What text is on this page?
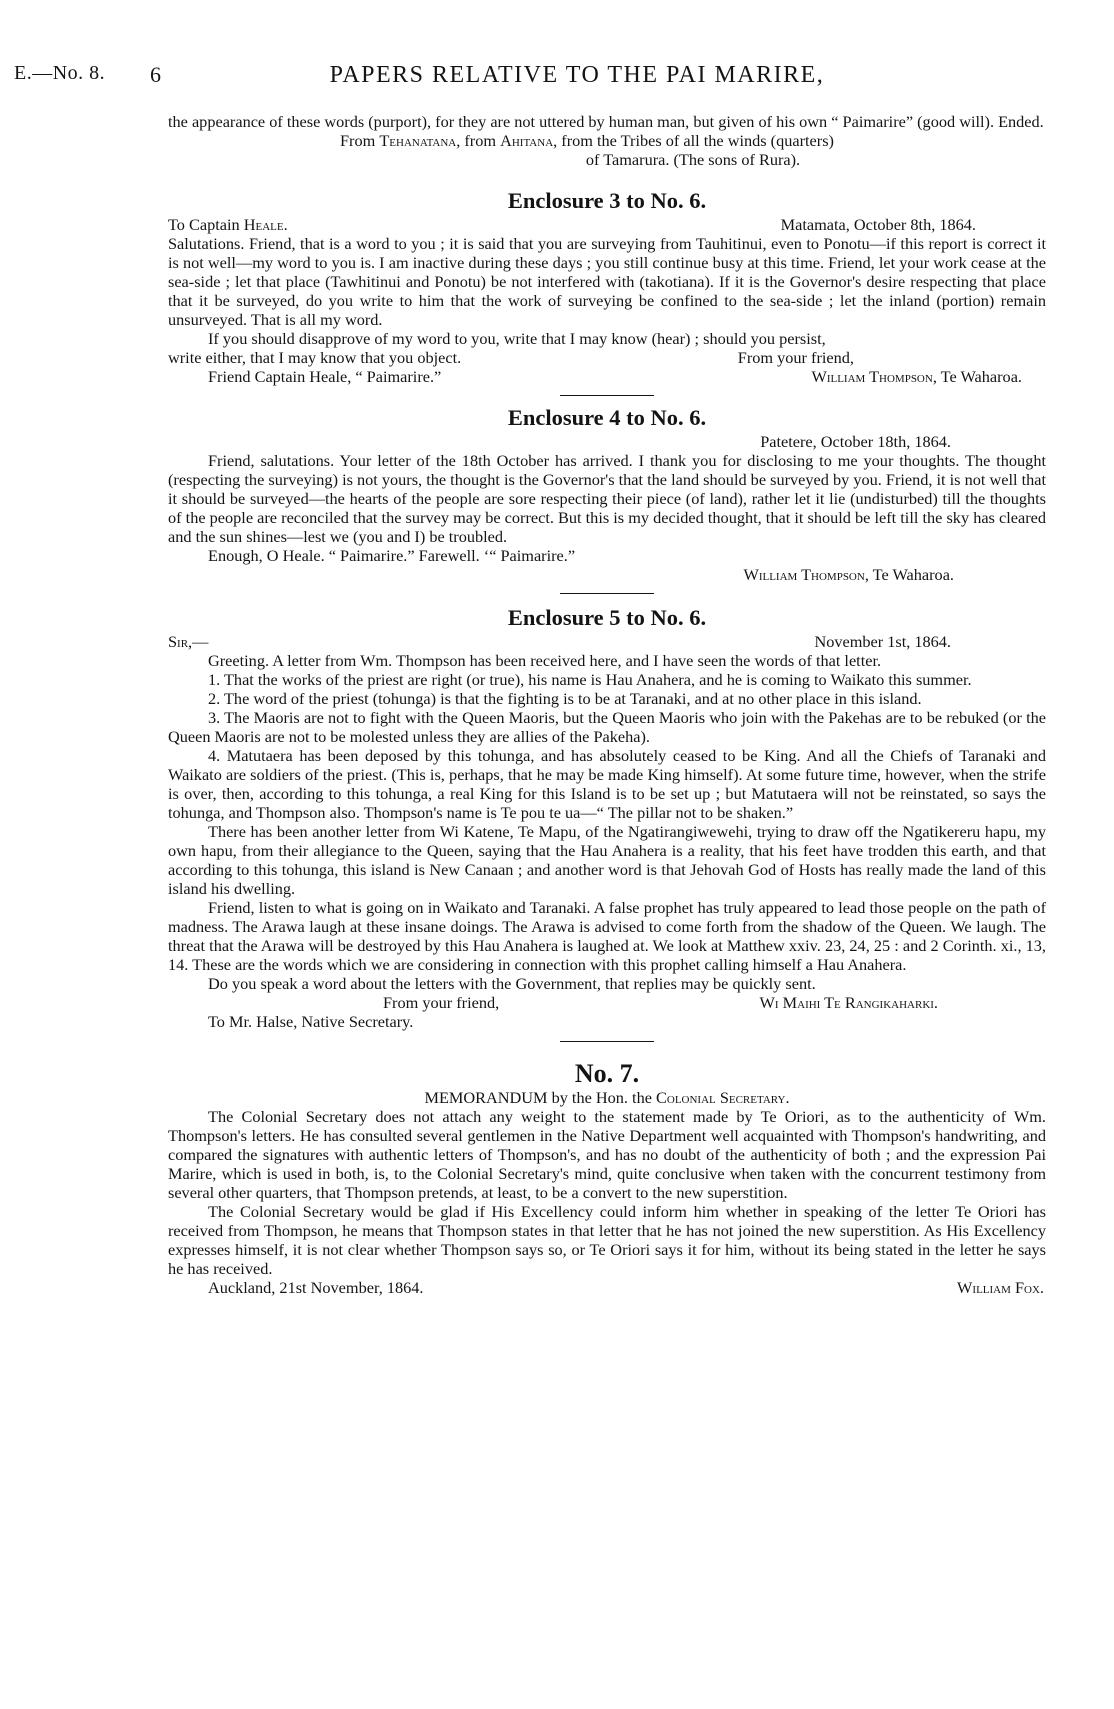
E.—No. 8. 6	PAPERS RELATIVE TO THE PAI MARIRE,

the appearance of these words (purport), for they are not uttered by human man, but given of his own “ Paimarire” (good will). Ended.

From Tehanatana, from Ahitana, from the Tribes of all the winds (quarters)
of Tamarura. (The sons of Rura).

Enclosure 3 to No. 6.
To Captain Heale.	Matamata, October 8th, 1864.

Salutations. Friend, that is a word to you ; it is said that you are surveying from Tauhitinui, even to Ponotu—if this report is correct it is not well—my word to you is. I am inactive during these days ; you still continue busy at this time. Friend, let your work cease at the sea-side ; let that place (Tawhitinui and Ponotu) be not interfered with (takotiana). If it is the Governor's desire respecting that place that it be surveyed, do you write to him that the work of surveying be confined to the sea-side ; let the inland (portion) remain unsurveyed. That is all my word.

If you should disapprove of my word to you, write that I may know (hear) ; should you persist,

write either, that I may know that you object.	From your friend,
Friend Captain Heale, “ Paimarire.”	William Thompson, Te Waharoa.
Enclosure 4 to No. 6.

Patetere, October 18th, 1864.

Friend, salutations. Your letter of the 18th October has arrived. I thank you for disclosing to me your thoughts. The thought (respecting the surveying) is not yours, the thought is the Governor's that the land should be surveyed by you. Friend, it is not well that it should be surveyed—the hearts of the people are sore respecting their piece (of land), rather let it lie (undisturbed) till the thoughts of the people are reconciled that the survey may be correct. But this is my decided thought, that it should be left till the sky has cleared and the sun shines—lest we (you and I) be troubled.

Enough, O Heale. “ Paimarire.” Farewell. ‘“ Paimarire.”

William Thompson, Te Waharoa.

Enclosure 5 to No. 6.
Sir,—	November 1st, 1864.

Greeting. A letter from Wm. Thompson has been received here, and I have seen the words of that letter.

1. That the works of the priest are right (or true), his name is Hau Anahera, and he is coming to Waikato this summer.

2. The word of the priest (tohunga) is that the fighting is to be at Taranaki, and at no other place in this island.

3. The Maoris are not to fight with the Queen Maoris, but the Queen Maoris who join with the Pakehas are to be rebuked (or the Queen Maoris are not to be molested unless they are allies of the Pakeha).

4. Matutaera has been deposed by this tohunga, and has absolutely ceased to be King. And all the Chiefs of Taranaki and Waikato are soldiers of the priest. (This is, perhaps, that he may be made King himself). At some future time, however, when the strife is over, then, according to this tohunga, a real King for this Island is to be set up ; but Matutaera will not be reinstated, so says the tohunga, and Thompson also. Thompson's name is Te pou te ua—“ The pillar not to be shaken.”

There has been another letter from Wi Katene, Te Mapu, of the Ngatirangiwewehi, trying to draw off the Ngatikereru hapu, my own hapu, from their allegiance to the Queen, saying that the Hau Anahera is a reality, that his feet have trodden this earth, and that according to this tohunga, this island is New Canaan ; and another word is that Jehovah God of Hosts has really made the land of this island his dwelling.

Friend, listen to what is going on in Waikato and Taranaki. A false prophet has truly appeared to lead those people on the path of madness. The Arawa laugh at these insane doings. The Arawa is advised to come forth from the shadow of the Queen. We laugh. The threat that the Arawa will be destroyed by this Hau Anahera is laughed at. We look at Matthew xxiv. 23, 24, 25 : and 2 Corinth. xi., 13, 14. These are the words which we are considering in connection with this prophet calling himself a Hau Anahera.

Do you speak a word about the letters with the Government, that replies may be quickly sent.

From your friend,	Wi Maihi Te Rangikaharki.

To Mr. Halse, Native Secretary.

No. 7.

MEMORANDUM by the Hon. the Colonial Secretary.

The Colonial Secretary does not attach any weight to the statement made by Te Oriori, as to the authenticity of Wm. Thompson's letters. He has consulted several gentlemen in the Native Department well acquainted with Thompson's handwriting, and compared the signatures with authentic letters of Thompson's, and has no doubt of the authenticity of both ; and the expression Pai Marire, which is used in both, is, to the Colonial Secretary's mind, quite conclusive when taken with the concurrent testimony from several other quarters, that Thompson pretends, at least, to be a convert to the new superstition.

The Colonial Secretary would be glad if His Excellency could inform him whether in speaking of the letter Te Oriori has received from Thompson, he means that Thompson states in that letter that he has not joined the new superstition. As His Excellency expresses himself, it is not clear whether Thompson says so, or Te Oriori says it for him, without its being stated in the letter he says he has received.

Auckland, 21st November, 1864.	William Fox.
